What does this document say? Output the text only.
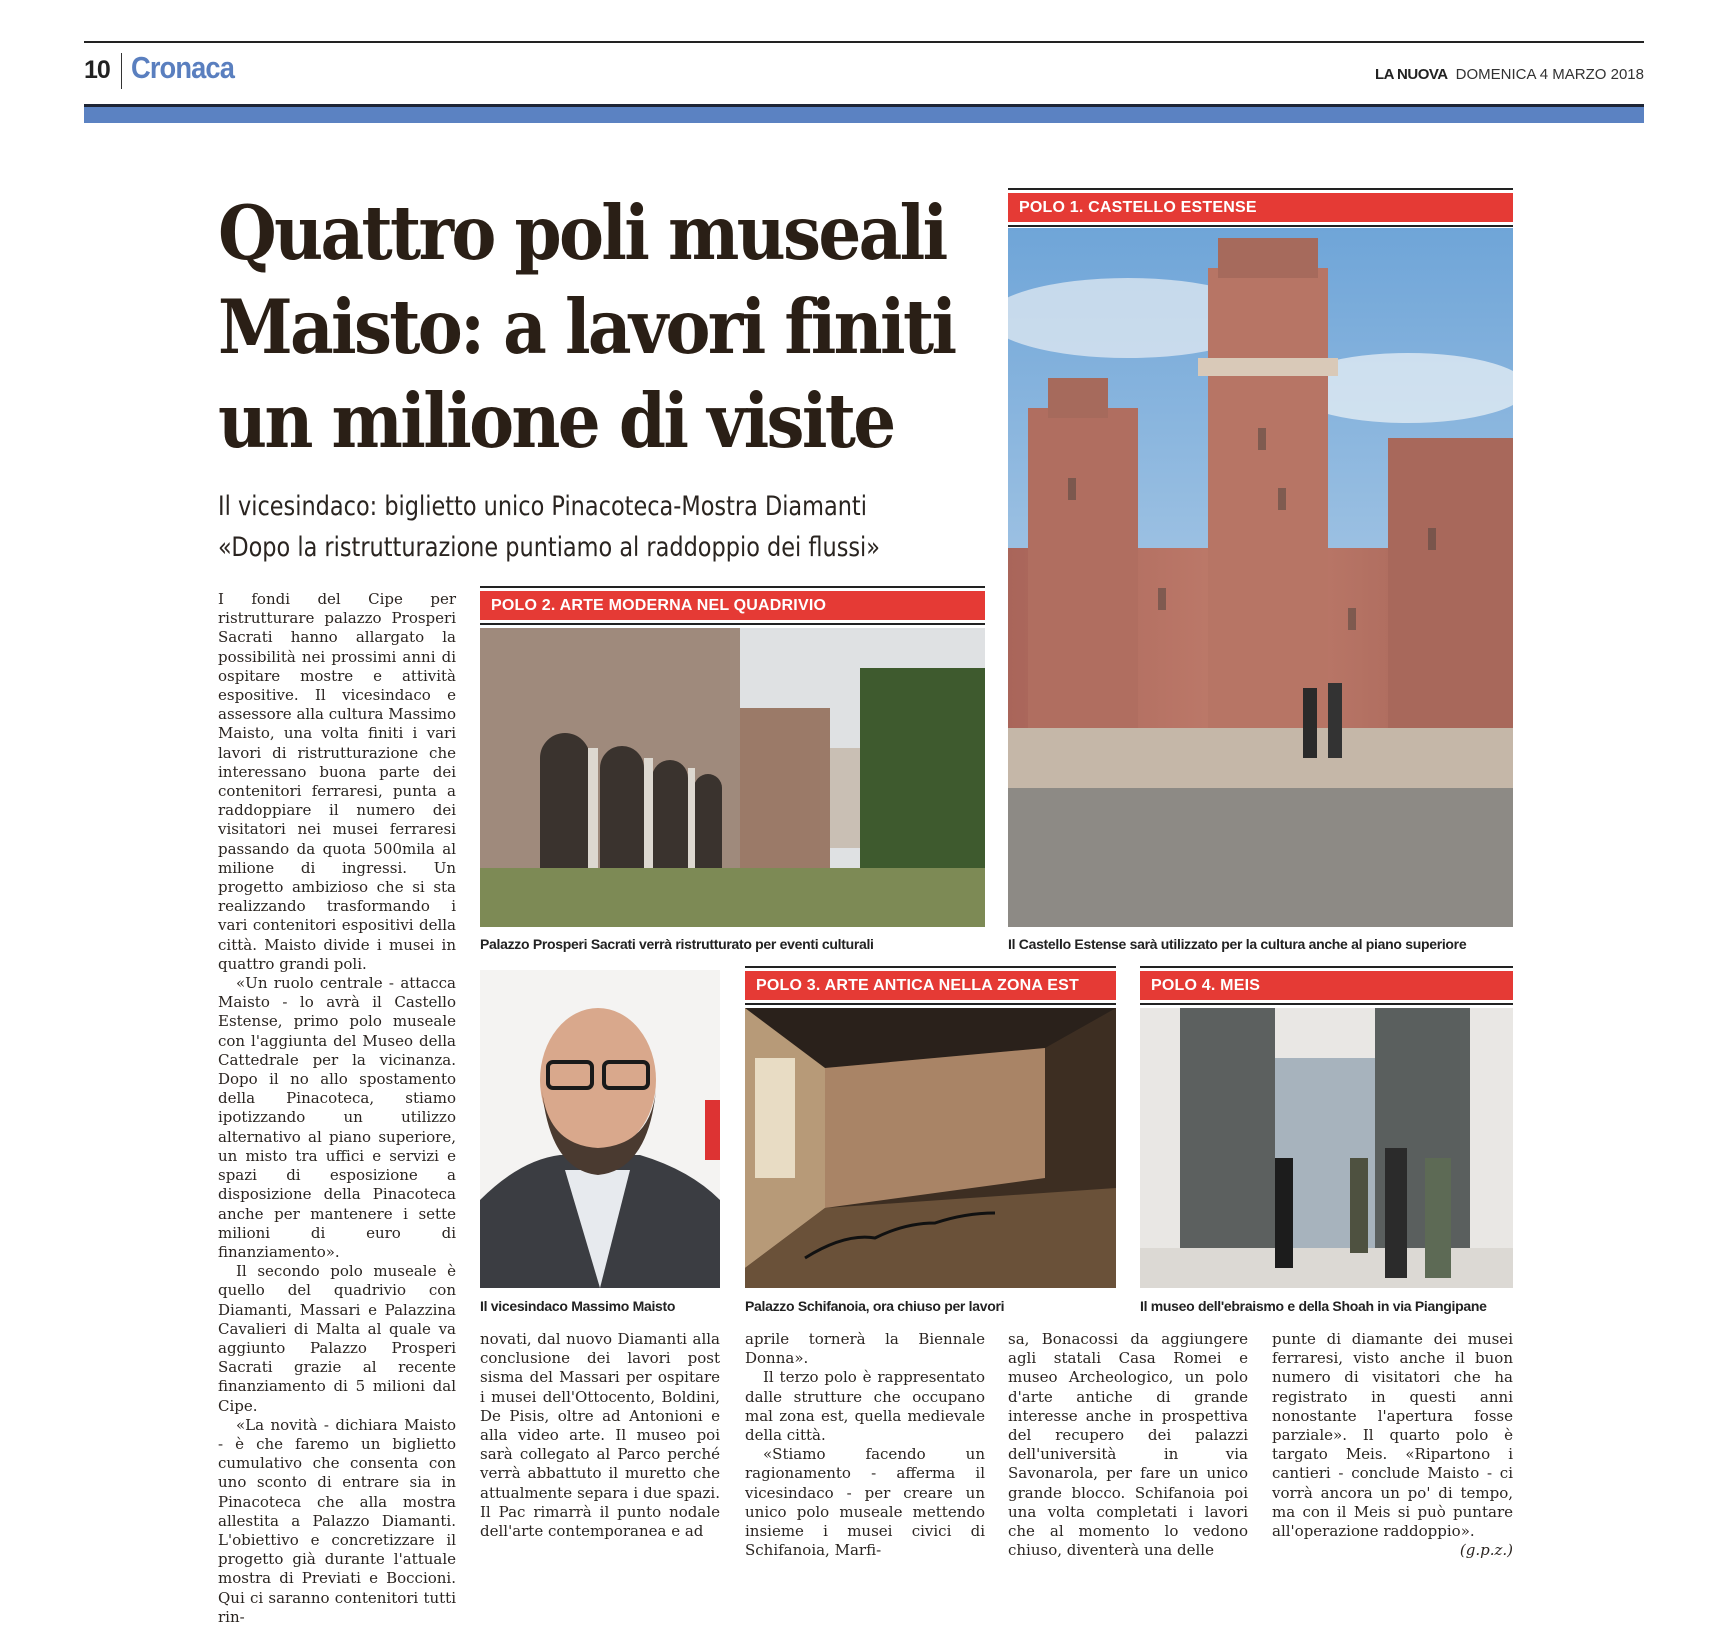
10 Cronaca	LA NUOVA DOMENICA 4 MARZO 2018
Quattro poli museali
Maisto: a lavori finiti
un milione di visite
Il vicesindaco: biglietto unico Pinacoteca-Mostra Diamanti
«Dopo la ristrutturazione puntiamo al raddoppio dei flussi»
POLO 1. CASTELLO ESTENSE
Il Castello Estense sarà utilizzato per la cultura anche al piano superiore
POLO 2. ARTE MODERNA NEL QUADRIVIO
Palazzo Prosperi Sacrati verrà ristrutturato per eventi culturali
Il vicesindaco Massimo Maisto
POLO 3. ARTE ANTICA NELLA ZONA EST
Palazzo Schifanoia, ora chiuso per lavori
POLO 4. MEIS
Il museo dell'ebraismo e della Shoah in via Piangipane

I fondi del Cipe per ristrutturare palazzo Prosperi Sacrati hanno allargato la possibilità nei prossimi anni di ospitare mostre e attività espositive. Il vicesindaco e assessore alla cultura Massimo Maisto, una volta finiti i vari lavori di ristrutturazione che interessano buona parte dei contenitori ferraresi, punta a raddoppiare il numero dei visitatori nei musei ferraresi passando da quota 500mila al milione di ingressi. Un progetto ambizioso che si sta realizzando trasformando i vari contenitori espositivi della città. Maisto divide i musei in quattro grandi poli.

«Un ruolo centrale - attacca Maisto - lo avrà il Castello Estense, primo polo museale con l'aggiunta del Museo della Cattedrale per la vicinanza. Dopo il no allo spostamento della Pinacoteca, stiamo ipotizzando un utilizzo alternativo al piano superiore, un misto tra uffici e servizi e spazi di esposizione a disposizione della Pinacoteca anche per mantenere i sette milioni di euro di finanziamento».

Il secondo polo museale è quello del quadrivio con Diamanti, Massari e Palazzina Cavalieri di Malta al quale va aggiunto Palazzo Prosperi Sacrati grazie al recente finanziamento di 5 milioni dal Cipe.

«La novità - dichiara Maisto - è che faremo un biglietto cumulativo che consenta con uno sconto di entrare sia in Pinacoteca che alla mostra allestita a Palazzo Diamanti. L'obiettivo e concretizzare il progetto già durante l'attuale mostra di Previati e Boccioni. Qui ci saranno contenitori tutti rin-

novati, dal nuovo Diamanti alla conclusione dei lavori post sisma del Massari per ospitare i musei dell'Ottocento, Boldini, De Pisis, oltre ad Antonioni e alla video arte. Il museo poi sarà collegato al Parco perché verrà abbattuto il muretto che attualmente separa i due spazi. Il Pac rimarrà il punto nodale dell'arte contemporanea e ad

aprile tornerà la Biennale Donna».

Il terzo polo è rappresentato dalle strutture che occupano mal zona est, quella medievale della città.

«Stiamo facendo un ragionamento - afferma il vicesindaco - per creare un unico polo museale mettendo insieme i musei civici di Schifanoia, Marfi-

sa, Bonacossi da aggiungere agli statali Casa Romei e museo Archeologico, un polo d'arte antiche di grande interesse anche in prospettiva del recupero dei palazzi dell'università in via Savonarola, per fare un unico grande blocco. Schifanoia poi una volta completati i lavori che al momento lo vedono chiuso, diventerà una delle

punte di diamante dei musei ferraresi, visto anche il buon numero di visitatori che ha registrato in questi anni nonostante l'apertura fosse parziale». Il quarto polo è targato Meis. «Ripartono i cantieri - conclude Maisto - ci vorrà ancora un po' di tempo, ma con il Meis si può puntare all'operazione raddoppio».

(g.p.z.)
